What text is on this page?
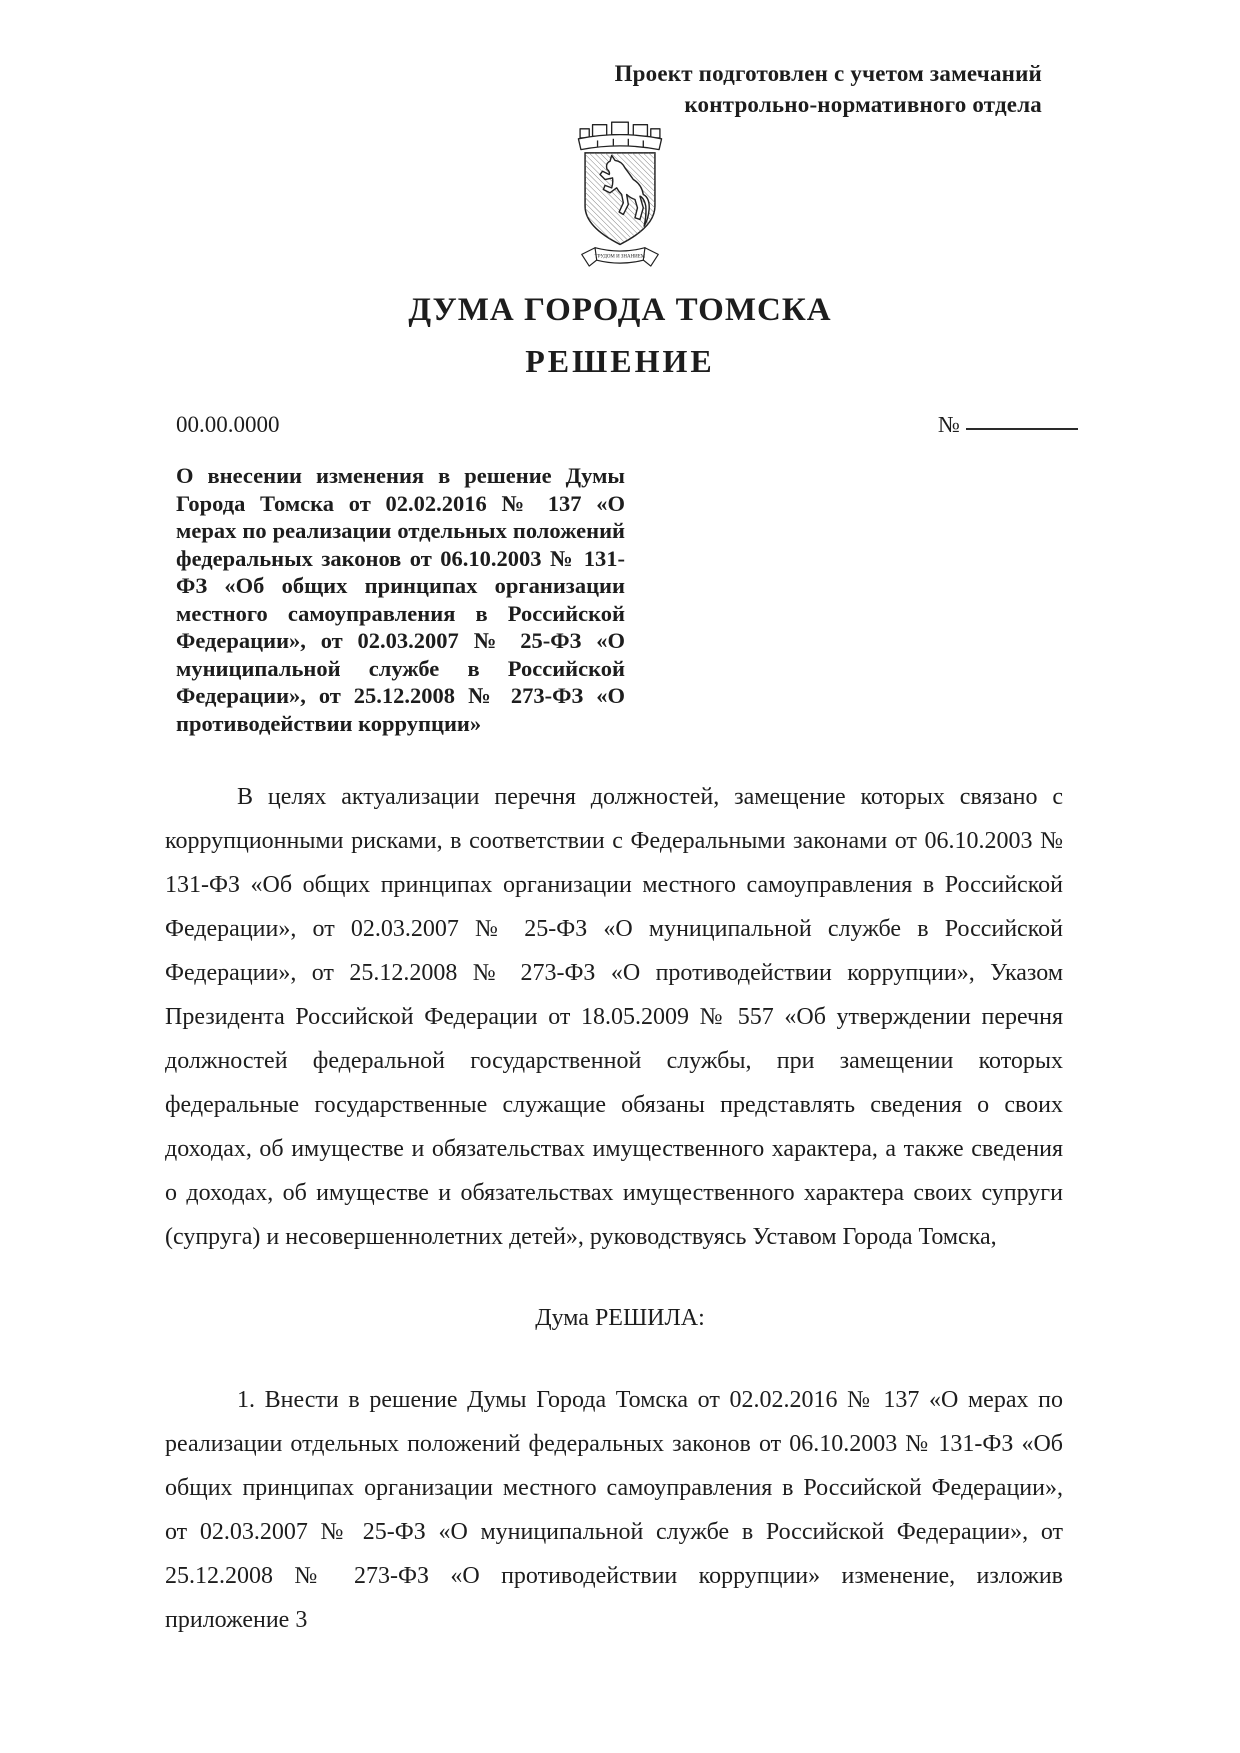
Проект подготовлен с учетом замечаний
контрольно-нормативного отдела
ТРУДОМ И ЗНАНИЕМ
ДУМА ГОРОДА ТОМСКА
РЕШЕНИЕ
00.00.0000	№
О внесении изменения в решение Думы Города Томска от 02.02.2016 № 137 «О мерах по реализации отдельных положений федеральных законов от 06.10.2003 № 131-ФЗ «Об общих принципах организации местного самоуправления в Российской Федерации», от 02.03.2007 № 25-ФЗ «О муниципальной службе в Российской Федерации», от 25.12.2008 № 273-ФЗ «О противодействии коррупции»

В целях актуализации перечня должностей, замещение которых связано с коррупционными рисками, в соответствии с Федеральными законами от 06.10.2003 № 131-ФЗ «Об общих принципах организации местного самоуправления в Российской Федерации», от 02.03.2007 № 25-ФЗ «О муниципальной службе в Российской Федерации», от 25.12.2008 № 273-ФЗ «О противодействии коррупции», Указом Президента Российской Федерации от 18.05.2009 № 557 «Об утверждении перечня должностей федеральной государственной службы, при замещении которых федеральные государственные служащие обязаны представлять сведения о своих доходах, об имуществе и обязательствах имущественного характера, а также сведения о доходах, об имуществе и обязательствах имущественного характера своих супруги (супруга) и несовершеннолетних детей», руководствуясь Уставом Города Томска,

Дума РЕШИЛА:

1. Внести в решение Думы Города Томска от 02.02.2016 № 137 «О мерах по реализации отдельных положений федеральных законов от 06.10.2003 № 131-ФЗ «Об общих принципах организации местного самоуправления в Российской Федерации», от 02.03.2007 № 25-ФЗ «О муниципальной службе в Российской Федерации», от 25.12.2008 № 273-ФЗ «О противодействии коррупции» изменение, изложив приложение 3
